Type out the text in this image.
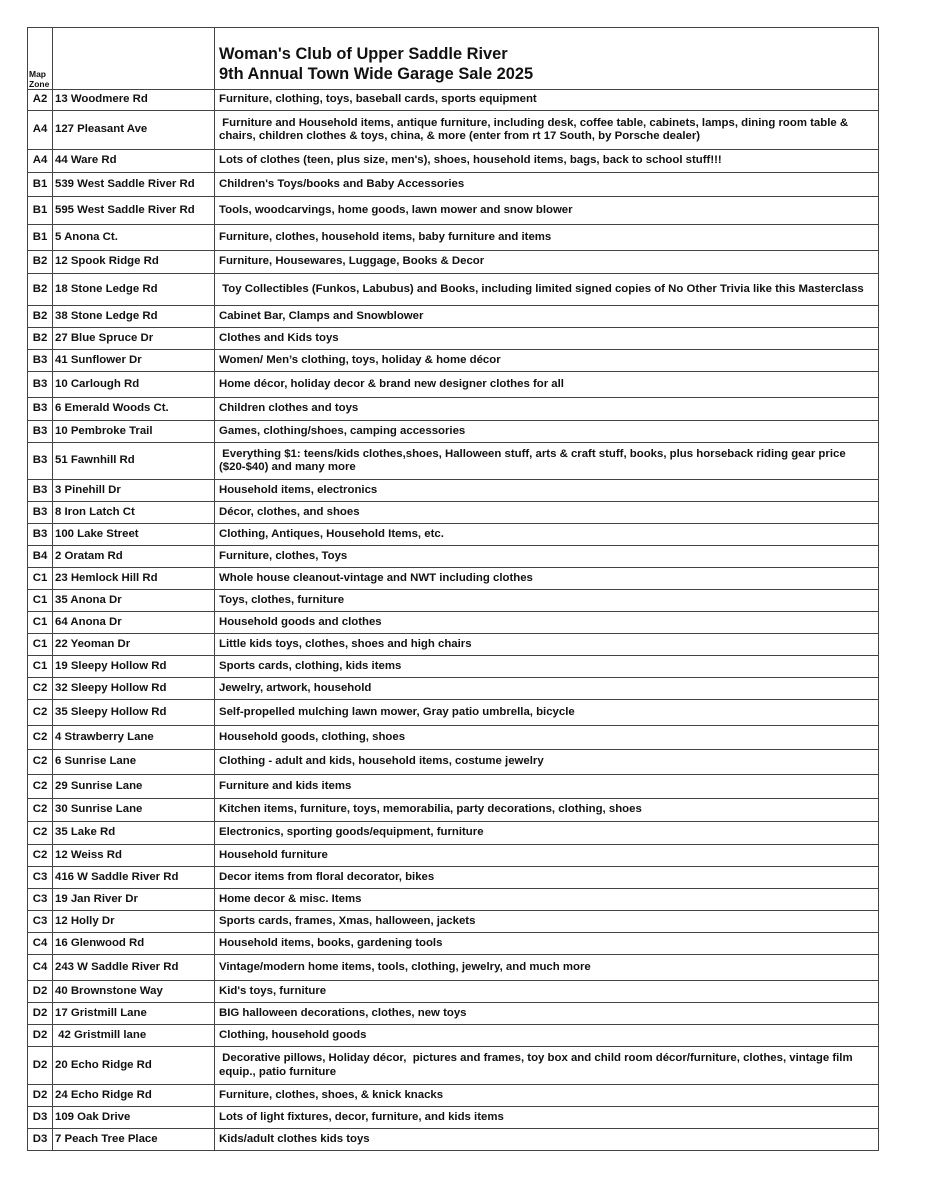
Map
Zone		Woman's Club of Upper Saddle River
9th Annual Town Wide Garage Sale 2025

A2	13 Woodmere Rd	Furniture, clothing, toys, baseball cards, sports equipment
A4	127 Pleasant Ave	Furniture and Household items, antique furniture, including desk, coffee table, cabinets, lamps, dining room table & chairs, children clothes & toys, china, & more (enter from rt 17 South, by Porsche dealer)
A4	44 Ware Rd	Lots of clothes (teen, plus size, men's), shoes, household items, bags, back to school stuff!!!
B1	539 West Saddle River Rd	Children's Toys/books and Baby Accessories
B1	595 West Saddle River Rd	Tools, woodcarvings, home goods, lawn mower and snow blower
B1	5 Anona Ct.	Furniture, clothes, household items, baby furniture and items
B2	12 Spook Ridge Rd	Furniture, Housewares, Luggage, Books & Decor
B2	18 Stone Ledge Rd	Toy Collectibles (Funkos, Labubus) and Books, including limited signed copies of No Other Trivia like this Masterclass
B2	38 Stone Ledge Rd	Cabinet Bar, Clamps and Snowblower
B2	27 Blue Spruce Dr	Clothes and Kids toys
B3	41 Sunflower Dr	Women/ Men’s clothing, toys, holiday & home décor
B3	10 Carlough Rd	Home décor, holiday decor & brand new designer clothes for all
B3	6 Emerald Woods Ct.	Children clothes and toys
B3	10 Pembroke Trail	Games, clothing/shoes, camping accessories
B3	51 Fawnhill Rd	Everything $1: teens/kids clothes,shoes, Halloween stuff, arts & craft stuff, books, plus horseback riding gear price ($20-$40) and many more
B3	3 Pinehill Dr	Household items, electronics
B3	8 Iron Latch Ct	Décor, clothes, and shoes
B3	100 Lake Street	Clothing, Antiques, Household Items, etc.
B4	2 Oratam Rd	Furniture, clothes, Toys
C1	23 Hemlock Hill Rd	Whole house cleanout-vintage and NWT including clothes
C1	35 Anona Dr	Toys, clothes, furniture
C1	64 Anona Dr	Household goods and clothes
C1	22 Yeoman Dr	Little kids toys, clothes, shoes and high chairs
C1	19 Sleepy Hollow Rd	Sports cards, clothing, kids items
C2	32 Sleepy Hollow Rd	Jewelry, artwork, household
C2	35 Sleepy Hollow Rd	Self-propelled mulching lawn mower, Gray patio umbrella, bicycle
C2	4 Strawberry Lane	Household goods, clothing, shoes
C2	6 Sunrise Lane	Clothing - adult and kids, household items, costume jewelry
C2	29 Sunrise Lane	Furniture and kids items
C2	30 Sunrise Lane	Kitchen items, furniture, toys, memorabilia, party decorations, clothing, shoes
C2	35 Lake Rd	Electronics, sporting goods/equipment, furniture
C2	12 Weiss Rd	Household furniture
C3	416 W Saddle River Rd	Decor items from floral decorator, bikes
C3	19 Jan River Dr	Home decor & misc. Items
C3	12 Holly Dr	Sports cards, frames, Xmas, halloween, jackets
C4	16 Glenwood Rd	Household items, books, gardening tools
C4	243 W Saddle River Rd	Vintage/modern home items, tools, clothing, jewelry, and much more
D2	40 Brownstone Way	Kid's toys, furniture
D2	17 Gristmill Lane	BIG halloween decorations, clothes, new toys
D2	42 Gristmill lane	Clothing, household goods
D2	20 Echo Ridge Rd	Decorative pillows, Holiday décor,  pictures and frames, toy box and child room décor/furniture, clothes, vintage film equip., patio furniture
D2	24 Echo Ridge Rd	Furniture, clothes, shoes, & knick knacks
D3	109 Oak Drive	Lots of light fixtures, decor, furniture, and kids items
D3	7 Peach Tree Place	Kids/adult clothes kids toys
